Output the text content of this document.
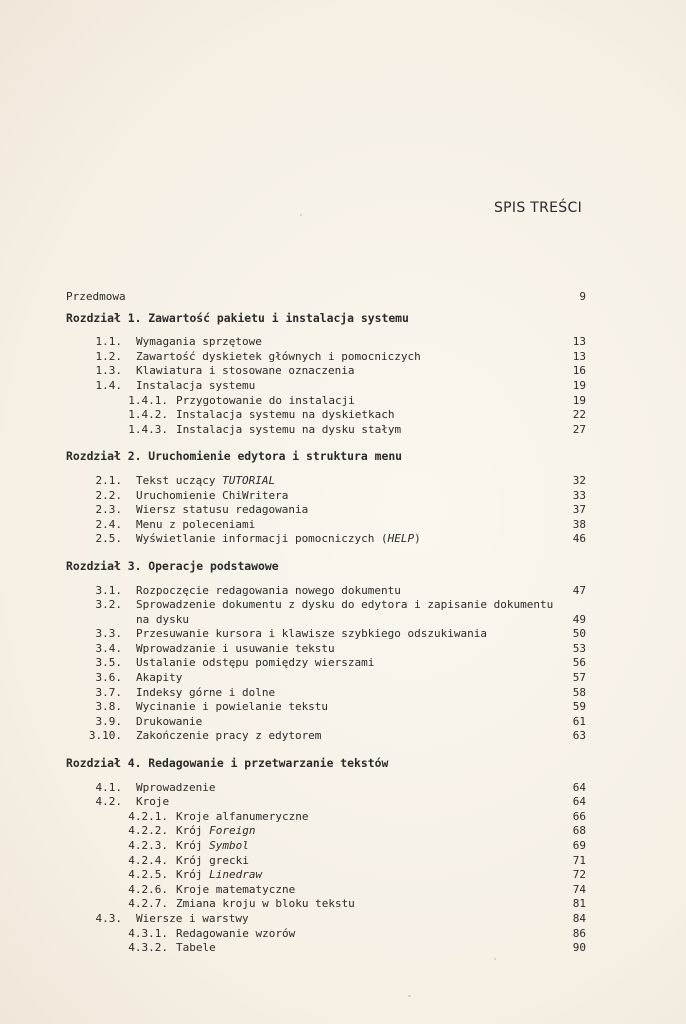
SPIS TREŚCI
Przedmowa	9
Rozdział 1. Zawartość pakietu i instalacja systemu
1.1. Wymagania sprzętowe	13
1.2. Zawartość dyskietek głównych i pomocniczych	13
1.3. Klawiatura i stosowane oznaczenia	16
1.4. Instalacja systemu	19
1.4.1. Przygotowanie do instalacji	19
1.4.2. Instalacja systemu na dyskietkach	22
1.4.3. Instalacja systemu na dysku stałym	27
Rozdział 2. Uruchomienie edytora i struktura menu
2.1. Tekst uczący TUTORIAL	32
2.2. Uruchomienie ChiWritera	33
2.3. Wiersz statusu redagowania	37
2.4. Menu z poleceniami	38
2.5. Wyświetlanie informacji pomocniczych (HELP)	46
Rozdział 3. Operacje podstawowe
3.1. Rozpoczęcie redagowania nowego dokumentu	47
3.2. Sprowadzenie dokumentu z dysku do edytora i zapisanie dokumentu
na dysku	49
3.3. Przesuwanie kursora i klawisze szybkiego odszukiwania	50
3.4. Wprowadzanie i usuwanie tekstu	53
3.5. Ustalanie odstępu pomiędzy wierszami	56
3.6. Akapity	57
3.7. Indeksy górne i dolne	58
3.8. Wycinanie i powielanie tekstu	59
3.9. Drukowanie	61
3.10. Zakończenie pracy z edytorem	63
Rozdział 4. Redagowanie i przetwarzanie tekstów
4.1. Wprowadzenie	64
4.2. Kroje	64
4.2.1. Kroje alfanumeryczne	66
4.2.2. Krój Foreign	68
4.2.3. Krój Symbol	69
4.2.4. Krój grecki	71
4.2.5. Krój Linedraw	72
4.2.6. Kroje matematyczne	74
4.2.7. Zmiana kroju w bloku tekstu	81
4.3. Wiersze i warstwy	84
4.3.1. Redagowanie wzorów	86
4.3.2. Tabele	90
